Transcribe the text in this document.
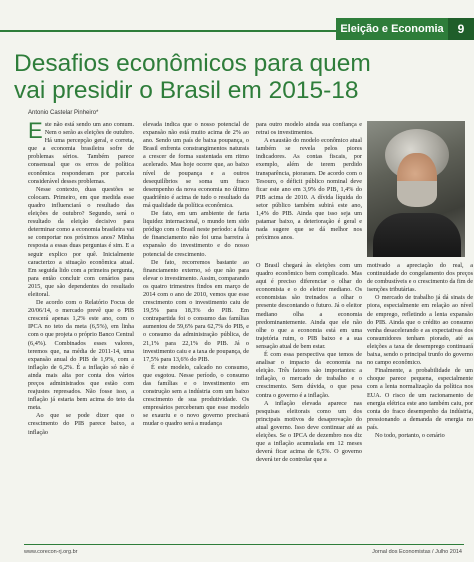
Eleição e Economia	9
Desafios econômicos para quem
vai presidir o Brasil em 2015-18
Antonio Castelar Pinheiro*

Este não está sendo um ano comum. Nem o serão as eleições de outubro. Há uma percepção geral, e correta, que a economia brasileira sofre de problemas sérios. Também parece consensual que os erros de política econômica responderam por parcela considerável desses problemas.

Nesse contexto, duas questões se colocam. Primeiro, em que medida esse quadro influenciará o resultado das eleições de outubro? Segundo, será o resultado da eleição decisivo para determinar como a economia brasileira vai se comportar nos próximos anos? Minha resposta a essas duas perguntas é sim. E a seguir explico por quê. Inicialmente caracterizo a situação econômica atual. Em seguida lido com a primeira pergunta, para então concluir com cenários para 2015, que são dependentes do resultado eleitoral.

De acordo com o Relatório Focus de 20/06/14, o mercado prevê que o PIB crescerá apenas 1,2% este ano, com o IPCA no teto da meta (6,5%), em linha com o que projeta o próprio Banco Central (6,4%). Combinados esses valores, teremos que, na média de 2011-14, uma expansão anual do PIB de 1,9%, com a inflação de 6,2%. É a inflação só não é ainda mais alta por conta dos vários preços administrados que estão com reajustes represados. Não fosse isso, a inflação já estaria bem acima do teto da meta.

Ao que se pode dizer que o crescimento do PIB parece baixo, a inflação

elevada indica que o nosso potencial de expansão não está muito acima de 2% ao ano. Sendo um país de baixa poupança, o Brasil enfrenta constrangimentos naturais a crescer de forma sustentada em ritmo acelerado. Mas hoje ocorre que, ao baixo nível de poupança e a outros desequilíbrios se soma um fraco desempenho da nova economia no último quadriênio é acima de tudo o resultado da má qualidade da política econômica.

De fato, em um ambiente de farta liquidez internacional, o mundo tem sido pródigo com o Brasil neste período: a falta de financiamento não foi uma barreira à expansão do investimento e do nosso potencial de crescimento.

De fato, recorremos bastante ao financiamento externo, só que não para elevar o investimento. Assim, comparando os quatro trimestres findos em março de 2014 com o ano de 2010, vemos que esse crescimento com o investimento caiu de 19,5% para 18,3% do PIB. Em contrapartida foi o consumo das famílias aumentou de 59,6% para 62,7% do PIB, e o consumo da administração pública, de 21,1% para 22,1% do PIB. Já o investimento caiu e a taxa de poupança, de 17,5% para 13,6% do PIB.

É este modelo, calcado no consumo, que esgotou. Nesse período, o consumo das famílias e o investimento em construção sem a indústria com um baixo crescimento de sua produtividade. Os empresários perceberam que esse modelo se exauriu e o novo governo precisará mudar o quadro será a mudança

para outro modelo ainda sua confiança e retrai os investimentos.

A exaustão do modelo econômico atual também se revela pelos piores indicadores. As contas fiscais, por exemplo, além de terem perdido transparência, pioraram. De acordo com o Tesouro, o déficit público nominal deve ficar este ano em 3,9% do PIB, 1,4% do PIB acima de 2010. A dívida líquida do setor público também subirá este ano, 1,4% do PIB. Ainda que isso seja um patamar baixo, a deterioração é geral e nada sugere que se dá melhor nos próximos anos.

O Brasil chegará às eleições com um quadro econômico bem complicado. Mas aqui é preciso diferenciar o olhar do economista e o do eleitor mediano. Os economistas são treinados a olhar o presente descontando o futuro. Já o eleitor mediano olha a economia predominantemente. Ainda que ele não olhe o que a economia está em uma trajetória ruim, o PIB baixo e a sua sensação atual de bem estar.

É com essa perspectiva que temos de analisar o impacto da economia na eleição. Três fatores são importantes: a inflação, o mercado de trabalho e o crescimento. Sem dúvida, o que pesa contra o governo é a inflação.

A inflação elevada aparece nas pesquisas eleitorais como um dos principais motivos de desaprovação do atual governo. Isso deve continuar até as eleições. Se o IPCA de dezembro nos diz que a inflação acumulada em 12 meses deverá ficar acima de 6,5%. O governo deverá ter de controlar que a

motivado a apreciação do real, a continuidade do congelamento dos preços de combustíveis e o crescimento da fim de isenções tributárias.

O mercado de trabalho já dá sinais de piora, especialmente em relação ao nível de emprego, refletindo a lenta expansão do PIB. Ainda que o crédito ao consumo venha desacelerando e as expectativas dos consumidores tenham piorado, até as eleições a taxa de desemprego continuará baixa, sendo o principal trunfo do governo no campo econômico.

Finalmente, a probabilidade de um choque parece pequena, especialmente com a lenta normalização da política nos EUA. O risco de um racionamento de energia elétrica este ano também caiu, por conta do fraco desempenho da indústria, pressionando a demanda de energia no país.

No todo, portanto, o cenário

www.corecon-rj.org.br	Jornal dos Economistas / Julho 2014
